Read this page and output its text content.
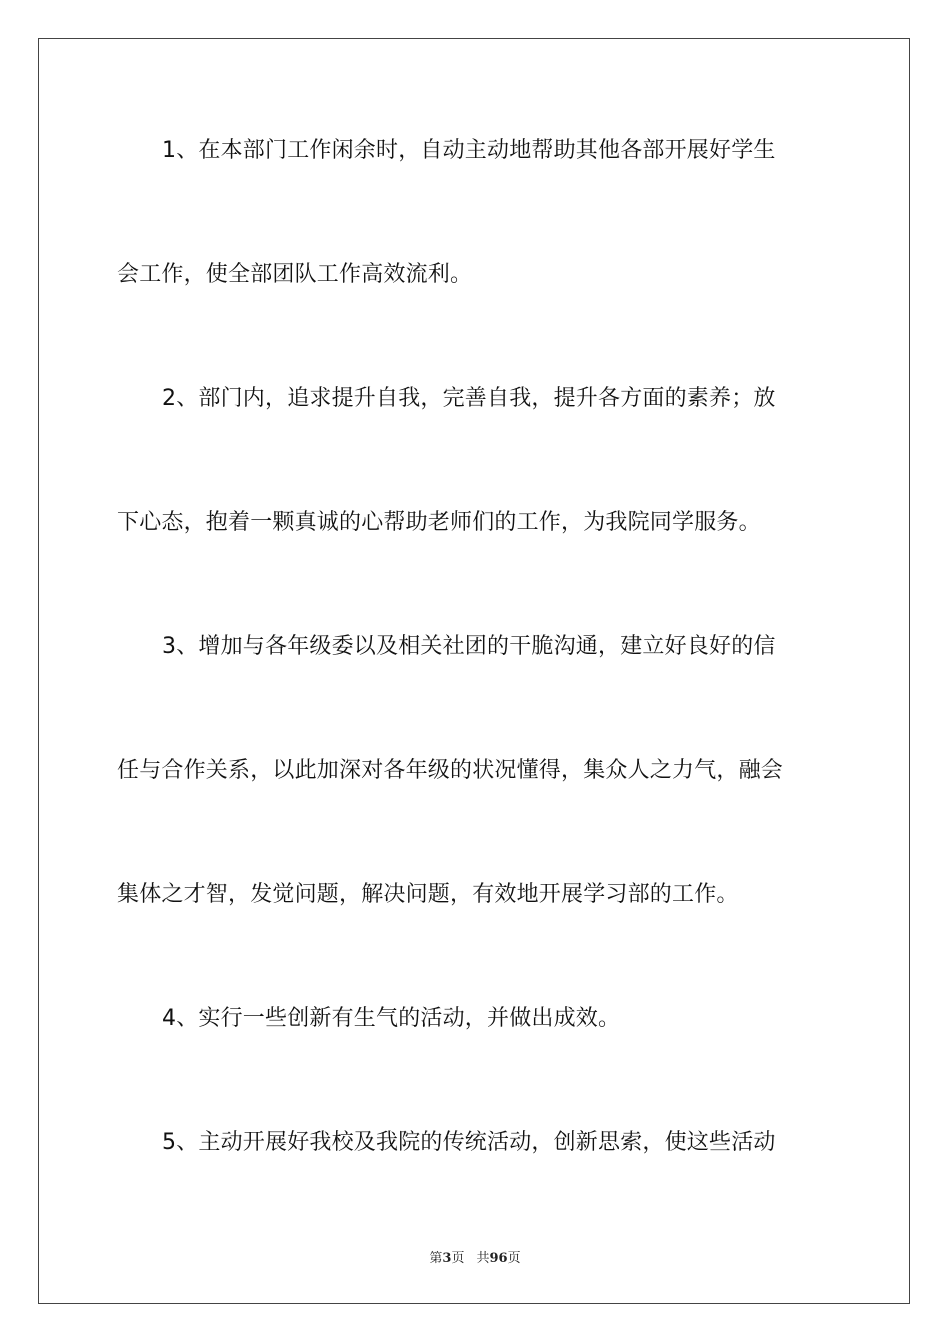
1、在本部门工作闲余时，自动主动地帮助其他各部开展好学生
会工作，使全部团队工作高效流利。
2、部门内，追求提升自我，完善自我，提升各方面的素养；放
下心态，抱着一颗真诚的心帮助老师们的工作，为我院同学服务。
3、增加与各年级委以及相关社团的干脆沟通，建立好良好的信
任与合作关系，以此加深对各年级的状况懂得，集众人之力气，融会
集体之才智，发觉问题，解决问题，有效地开展学习部的工作。
4、实行一些创新有生气的活动，并做出成效。
5、主动开展好我校及我院的传统活动，创新思索，使这些活动
第3页 共96页
